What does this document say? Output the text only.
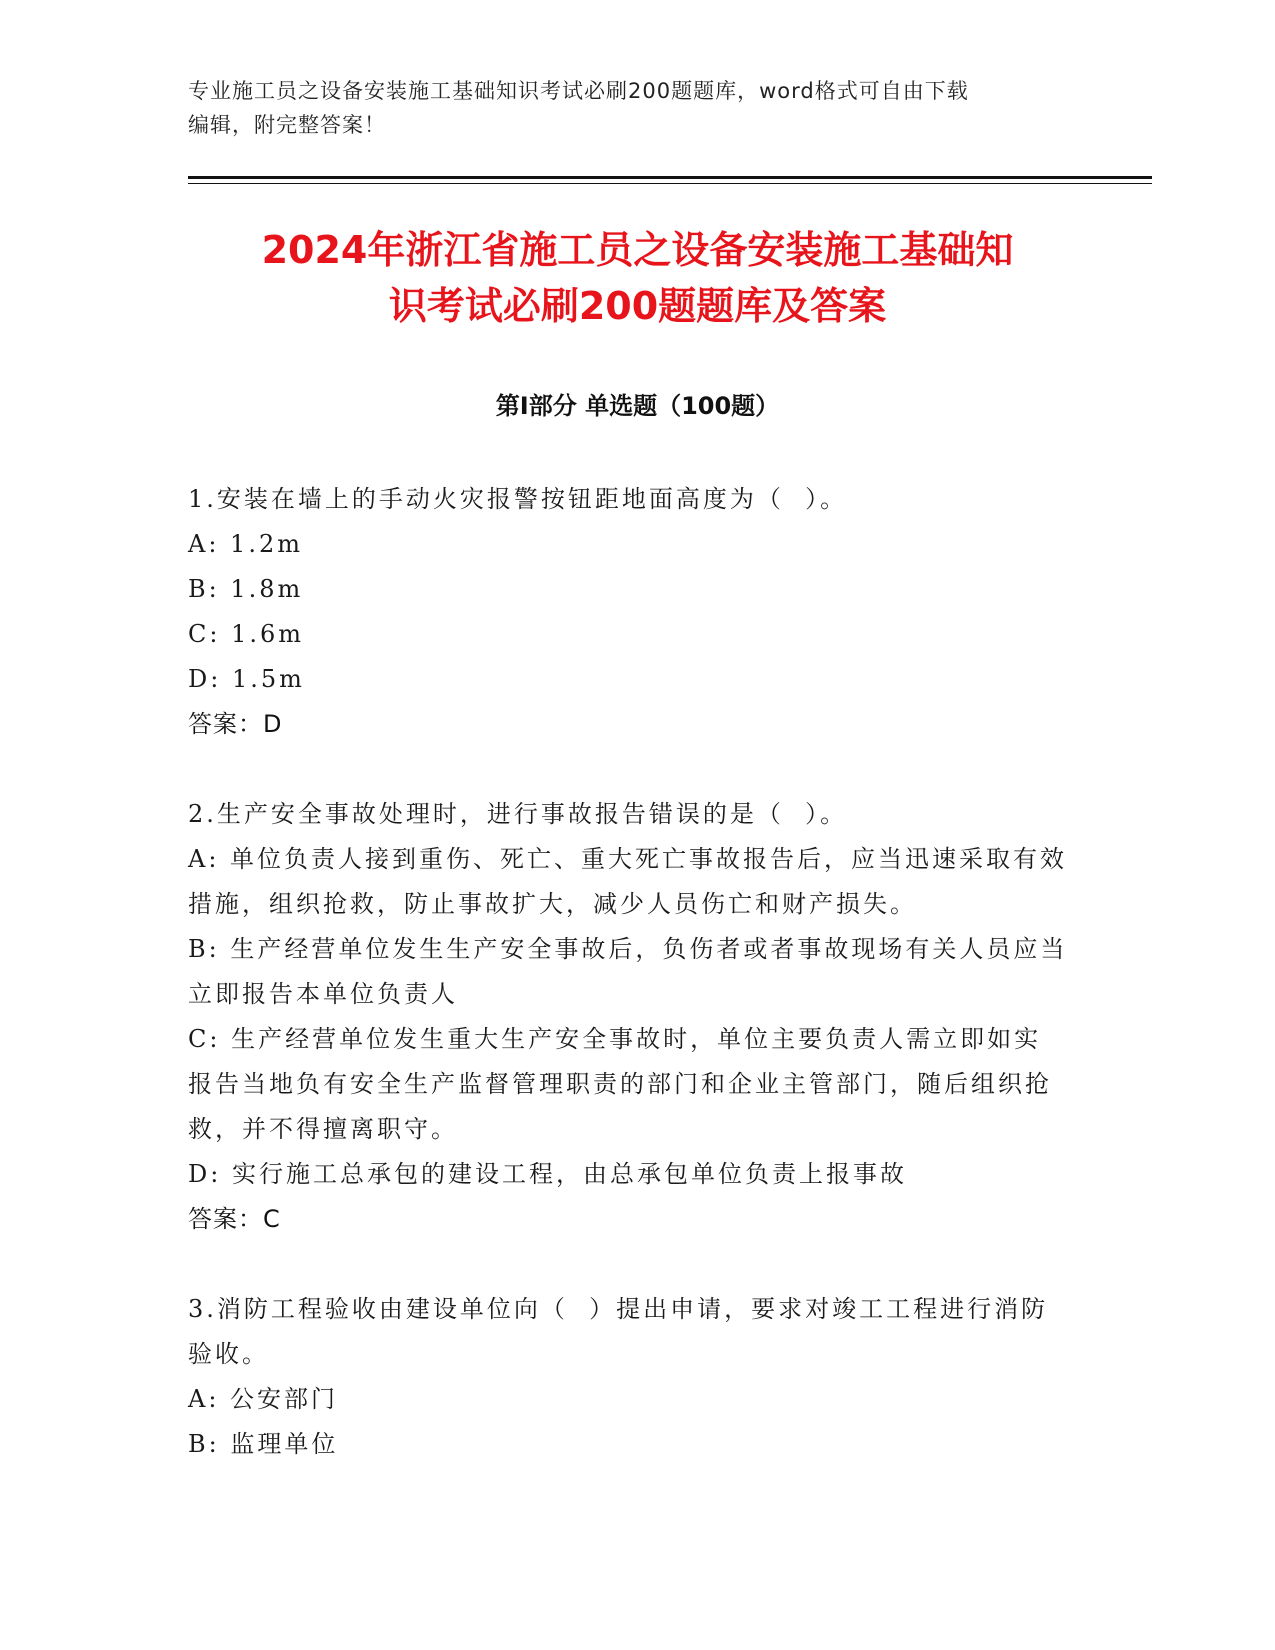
专业施工员之设备安装施工基础知识考试必刷200题题库，word格式可自由下载
编辑，附完整答案！
2024年浙江省施工员之设备安装施工基础知
识考试必刷200题题库及答案
第I部分 单选题（100题）
1.安装在墙上的手动火灾报警按钮距地面高度为（  ）。
A: 1.2m
B: 1.8m
C: 1.6m
D: 1.5m
答案：D
2.生产安全事故处理时，进行事故报告错误的是（  ）。
A: 单位负责人接到重伤、死亡、重大死亡事故报告后，应当迅速采取有效措施，组织抢救，防止事故扩大，减少人员伤亡和财产损失。
B: 生产经营单位发生生产安全事故后，负伤者或者事故现场有关人员应当立即报告本单位负责人
C: 生产经营单位发生重大生产安全事故时，单位主要负责人需立即如实报告当地负有安全生产监督管理职责的部门和企业主管部门，随后组织抢救，并不得擅离职守。
D: 实行施工总承包的建设工程，由总承包单位负责上报事故
答案：C
3.消防工程验收由建设单位向（  ）提出申请，要求对竣工工程进行消防验收。
A: 公安部门
B: 监理单位
